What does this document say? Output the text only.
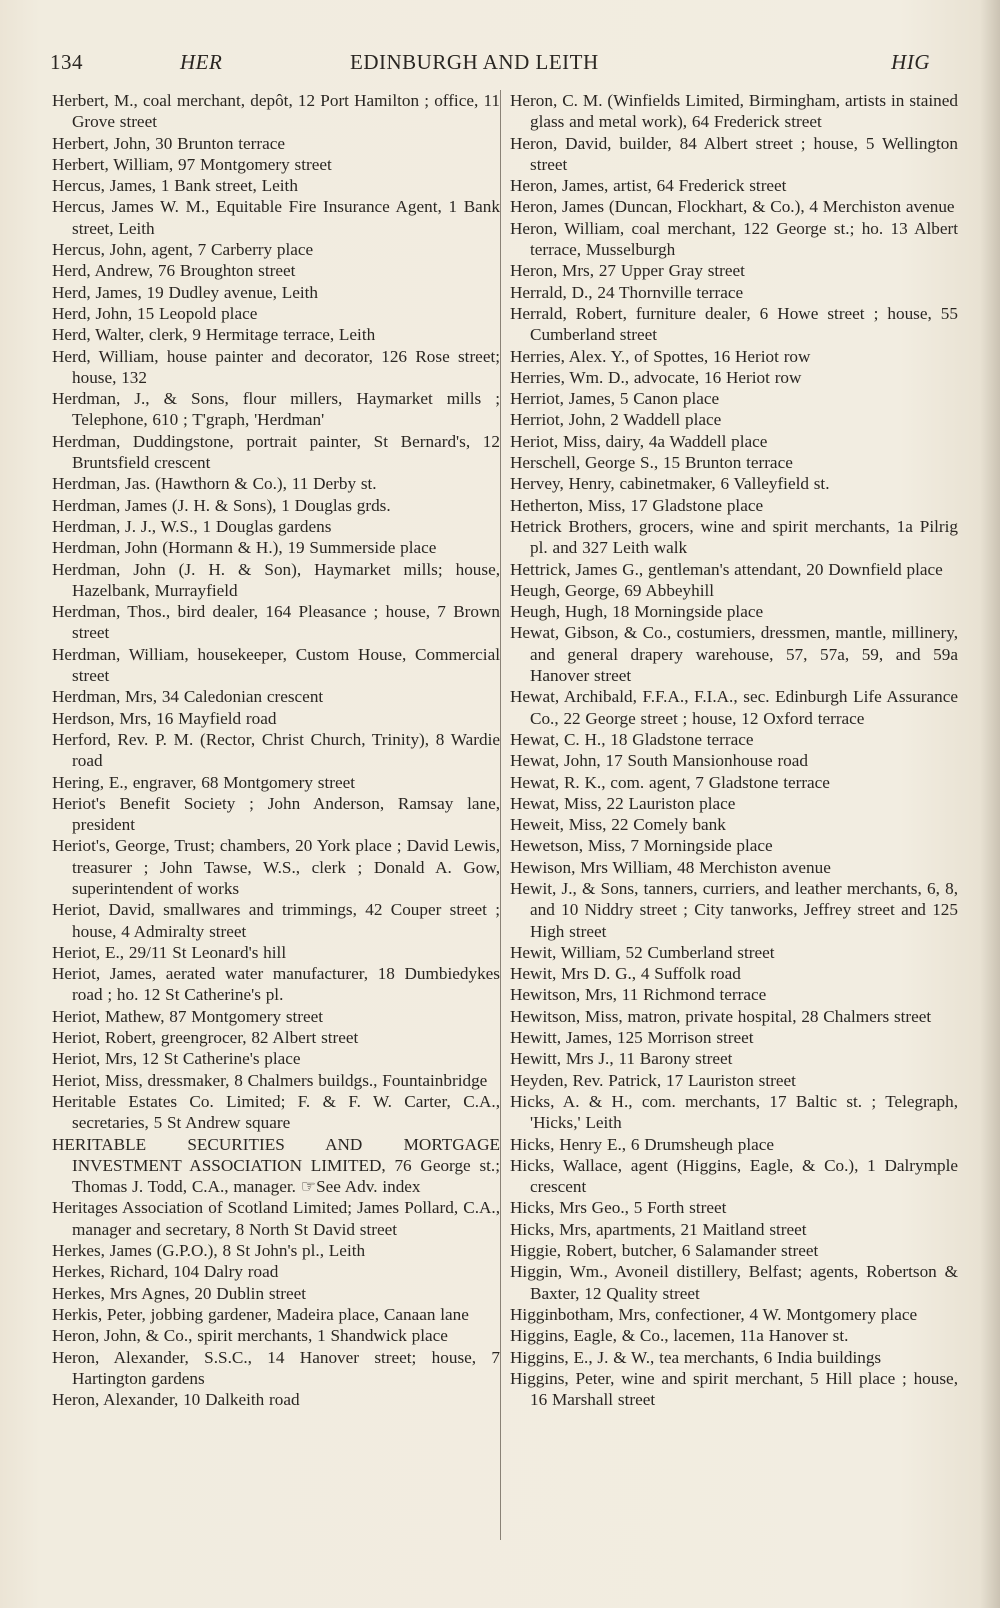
134	HER	EDINBURGH AND LEITH	HIG
Herbert, M., coal merchant, depôt, 12 Port Hamilton ; office, 11 Grove street
Herbert, John, 30 Brunton terrace
Herbert, William, 97 Montgomery street
Hercus, James, 1 Bank street, Leith
Hercus, James W. M., Equitable Fire Insurance Agent, 1 Bank street, Leith
Hercus, John, agent, 7 Carberry place
Herd, Andrew, 76 Broughton street
Herd, James, 19 Dudley avenue, Leith
Herd, John, 15 Leopold place
Herd, Walter, clerk, 9 Hermitage terrace, Leith
Herd, William, house painter and decorator, 126 Rose street; house, 132
Herdman, J., & Sons, flour millers, Haymarket mills ; Telephone, 610 ; T'graph, 'Herdman'
Herdman, Duddingstone, portrait painter, St Bernard's, 12 Bruntsfield crescent
Herdman, Jas. (Hawthorn & Co.), 11 Derby st.
Herdman, James (J. H. & Sons), 1 Douglas grds.
Herdman, J. J., W.S., 1 Douglas gardens
Herdman, John (Hormann & H.), 19 Summerside place
Herdman, John (J. H. & Son), Haymarket mills; house, Hazelbank, Murrayfield
Herdman, Thos., bird dealer, 164 Pleasance ; house, 7 Brown street
Herdman, William, housekeeper, Custom House, Commercial street
Herdman, Mrs, 34 Caledonian crescent
Herdson, Mrs, 16 Mayfield road
Herford, Rev. P. M. (Rector, Christ Church, Trinity), 8 Wardie road
Hering, E., engraver, 68 Montgomery street
Heriot's Benefit Society ; John Anderson, Ramsay lane, president
Heriot's, George, Trust; chambers, 20 York place ; David Lewis, treasurer ; John Tawse, W.S., clerk ; Donald A. Gow, superintendent of works
Heriot, David, smallwares and trimmings, 42 Couper street ; house, 4 Admiralty street
Heriot, E., 29/11 St Leonard's hill
Heriot, James, aerated water manufacturer, 18 Dumbiedykes road ; ho. 12 St Catherine's pl.
Heriot, Mathew, 87 Montgomery street
Heriot, Robert, greengrocer, 82 Albert street
Heriot, Mrs, 12 St Catherine's place
Heriot, Miss, dressmaker, 8 Chalmers buildgs., Fountainbridge
Heritable Estates Co. Limited; F. & F. W. Carter, C.A., secretaries, 5 St Andrew square
HERITABLE SECURITIES AND MORTGAGE INVESTMENT ASSOCIATION LIMITED, 76 George st.; Thomas J. Todd, C.A., manager. ☞See Adv. index
Heritages Association of Scotland Limited; James Pollard, C.A., manager and secretary, 8 North St David street
Herkes, James (G.P.O.), 8 St John's pl., Leith
Herkes, Richard, 104 Dalry road
Herkes, Mrs Agnes, 20 Dublin street
Herkis, Peter, jobbing gardener, Madeira place, Canaan lane
Heron, John, & Co., spirit merchants, 1 Shandwick place
Heron, Alexander, S.S.C., 14 Hanover street; house, 7 Hartington gardens
Heron, Alexander, 10 Dalkeith road
Heron, C. M. (Winfields Limited, Birmingham, artists in stained glass and metal work), 64 Frederick street
Heron, David, builder, 84 Albert street ; house, 5 Wellington street
Heron, James, artist, 64 Frederick street
Heron, James (Duncan, Flockhart, & Co.), 4 Merchiston avenue
Heron, William, coal merchant, 122 George st.; ho. 13 Albert terrace, Musselburgh
Heron, Mrs, 27 Upper Gray street
Herrald, D., 24 Thornville terrace
Herrald, Robert, furniture dealer, 6 Howe street ; house, 55 Cumberland street
Herries, Alex. Y., of Spottes, 16 Heriot row
Herries, Wm. D., advocate, 16 Heriot row
Herriot, James, 5 Canon place
Herriot, John, 2 Waddell place
Heriot, Miss, dairy, 4a Waddell place
Herschell, George S., 15 Brunton terrace
Hervey, Henry, cabinetmaker, 6 Valleyfield st.
Hetherton, Miss, 17 Gladstone place
Hetrick Brothers, grocers, wine and spirit merchants, 1a Pilrig pl. and 327 Leith walk
Hettrick, James G., gentleman's attendant, 20 Downfield place
Heugh, George, 69 Abbeyhill
Heugh, Hugh, 18 Morningside place
Hewat, Gibson, & Co., costumiers, dressmen, mantle, millinery, and general drapery warehouse, 57, 57a, 59, and 59a Hanover street
Hewat, Archibald, F.F.A., F.I.A., sec. Edinburgh Life Assurance Co., 22 George street ; house, 12 Oxford terrace
Hewat, C. H., 18 Gladstone terrace
Hewat, John, 17 South Mansionhouse road
Hewat, R. K., com. agent, 7 Gladstone terrace
Hewat, Miss, 22 Lauriston place
Heweit, Miss, 22 Comely bank
Hewetson, Miss, 7 Morningside place
Hewison, Mrs William, 48 Merchiston avenue
Hewit, J., & Sons, tanners, curriers, and leather merchants, 6, 8, and 10 Niddry street ; City tanworks, Jeffrey street and 125 High street
Hewit, William, 52 Cumberland street
Hewit, Mrs D. G., 4 Suffolk road
Hewitson, Mrs, 11 Richmond terrace
Hewitson, Miss, matron, private hospital, 28 Chalmers street
Hewitt, James, 125 Morrison street
Hewitt, Mrs J., 11 Barony street
Heyden, Rev. Patrick, 17 Lauriston street
Hicks, A. & H., com. merchants, 17 Baltic st. ; Telegraph, 'Hicks,' Leith
Hicks, Henry E., 6 Drumsheugh place
Hicks, Wallace, agent (Higgins, Eagle, & Co.), 1 Dalrymple crescent
Hicks, Mrs Geo., 5 Forth street
Hicks, Mrs, apartments, 21 Maitland street
Higgie, Robert, butcher, 6 Salamander street
Higgin, Wm., Avoneil distillery, Belfast; agents, Robertson & Baxter, 12 Quality street
Higginbotham, Mrs, confectioner, 4 W. Montgomery place
Higgins, Eagle, & Co., lacemen, 11a Hanover st.
Higgins, E., J. & W., tea merchants, 6 India buildings
Higgins, Peter, wine and spirit merchant, 5 Hill place ; house, 16 Marshall street
